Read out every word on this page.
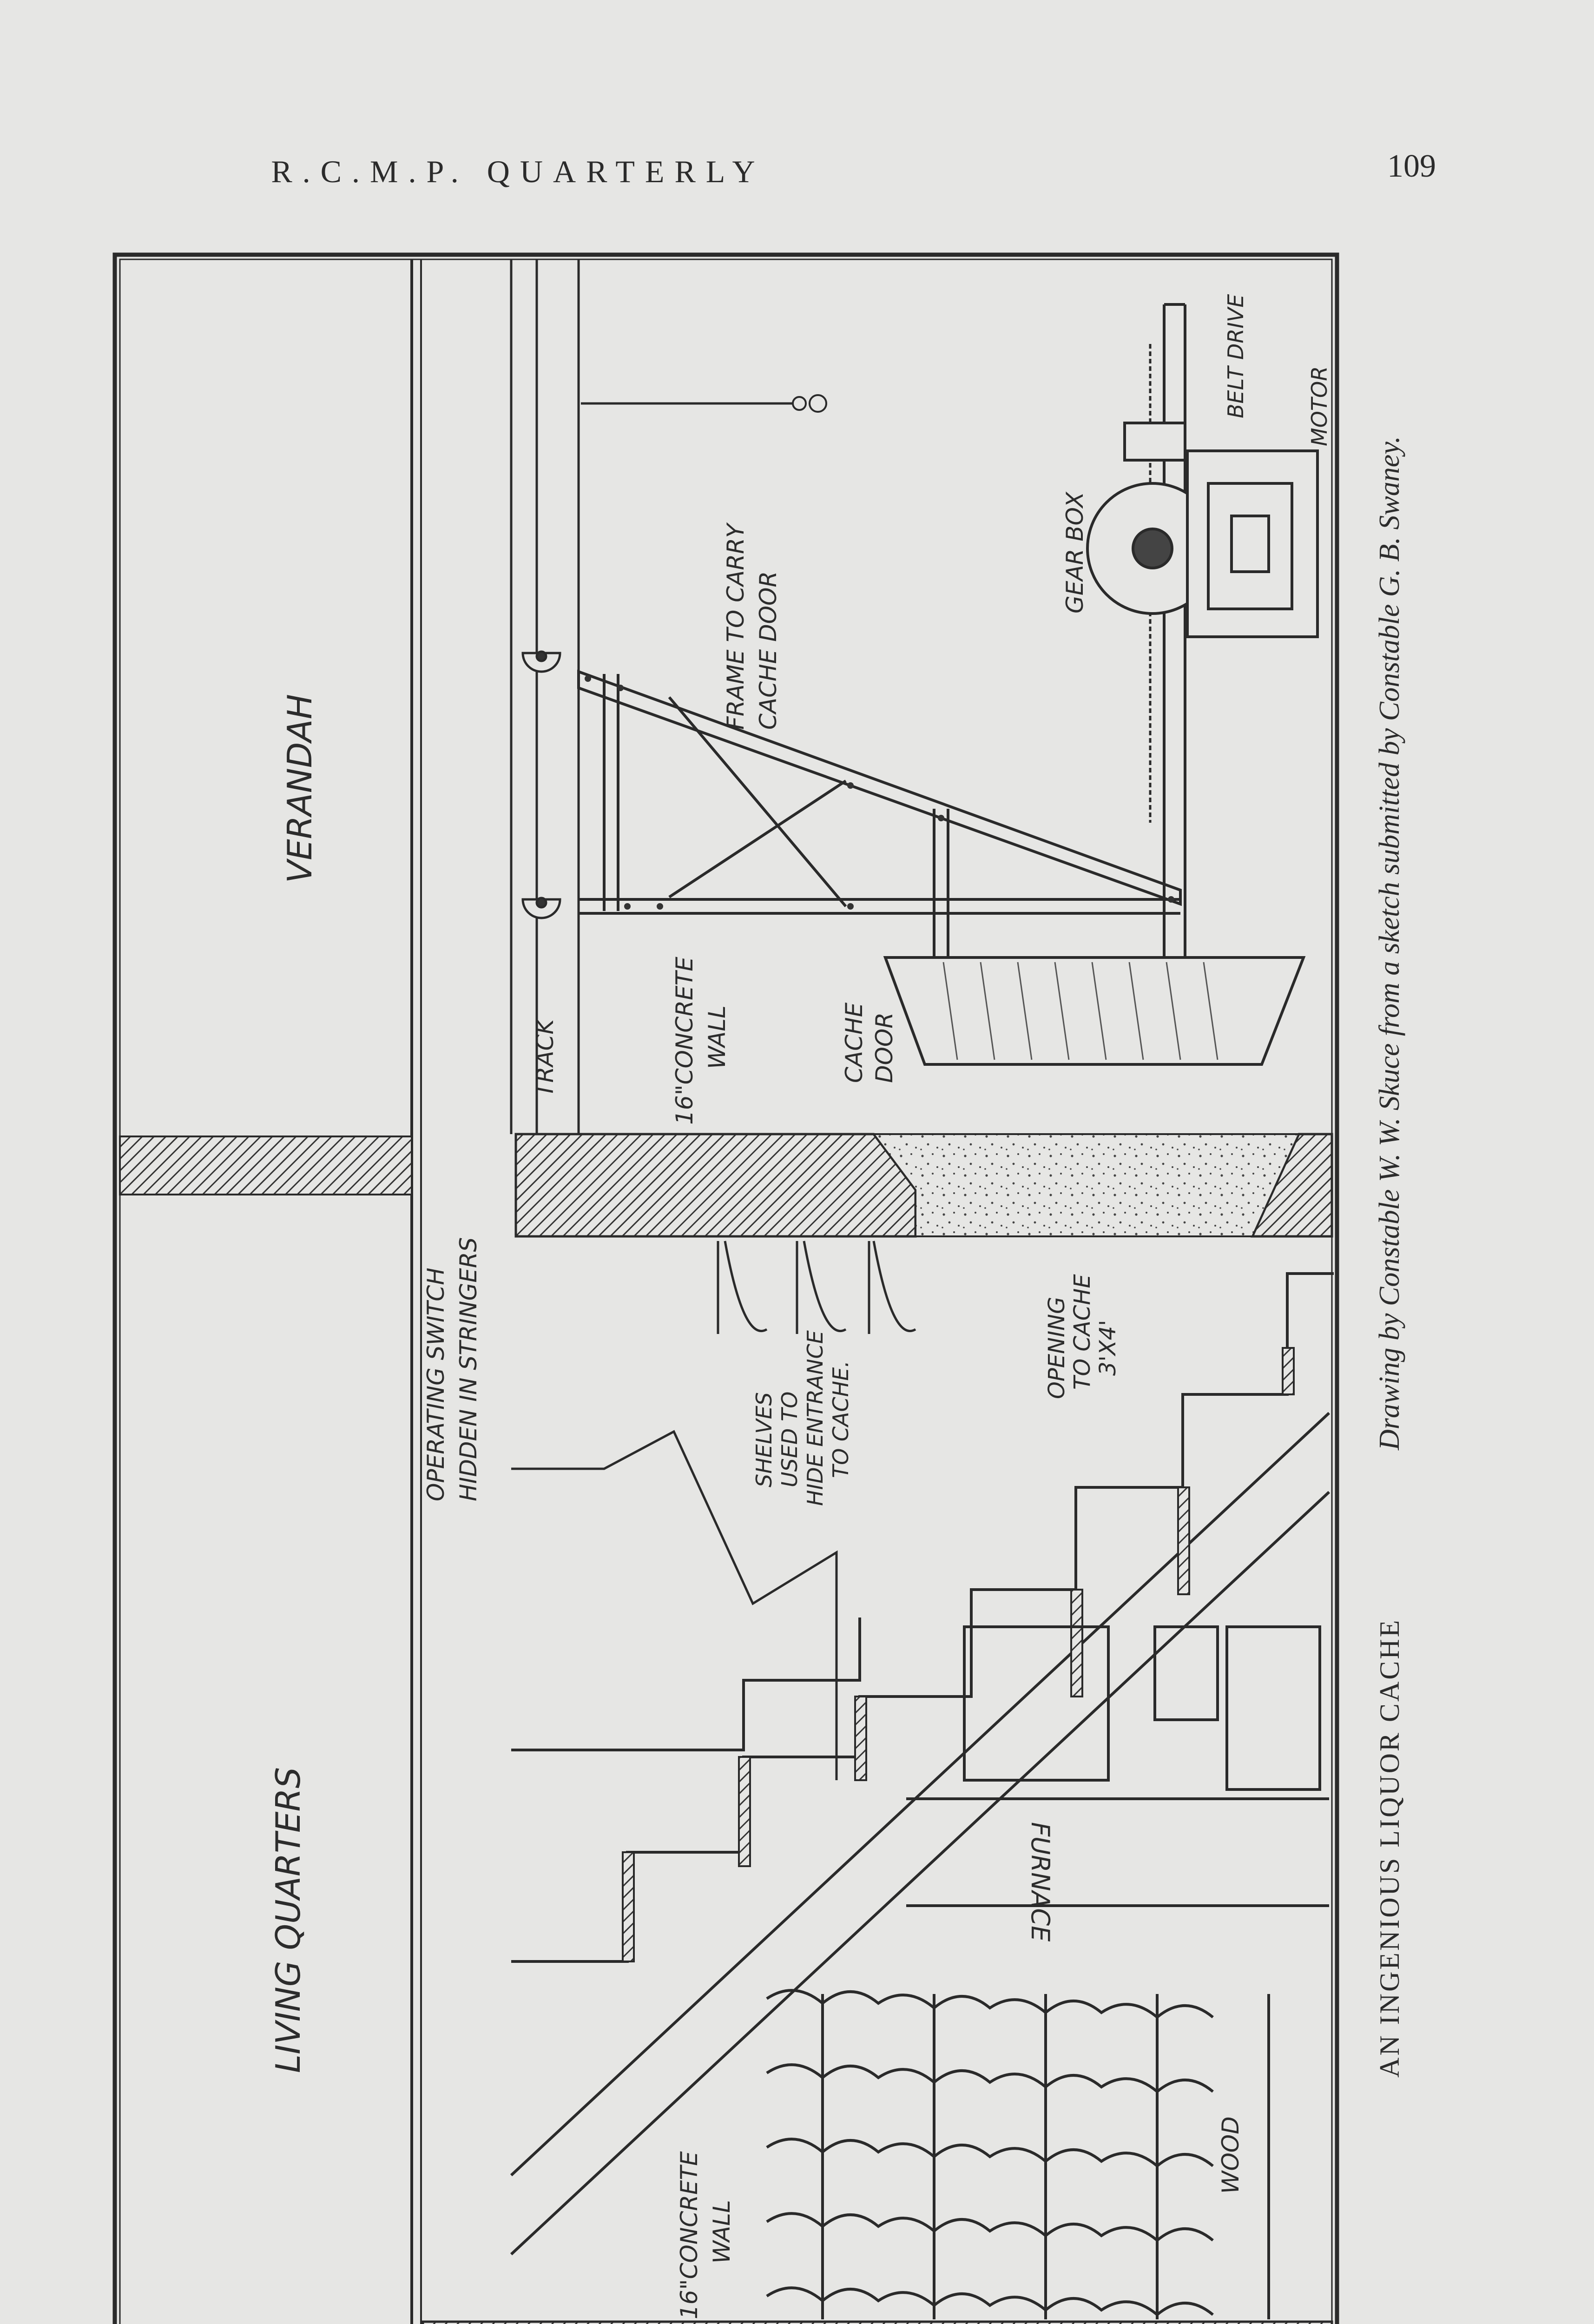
R.C.M.P. QUARTERLY	109
VERANDAH
LIVING QUARTERS
OPERATING SWITCH HIDDEN IN STRINGERS
TRACK	16"CONCRETE WALL	CACHE DOOR
FRAME TO CARRY CACHE DOOR
GEAR BOX
BELT DRIVE	MOTOR
SHELVES USED TO HIDE ENTRANCE TO CACHE.
OPENING TO CACHE 3'X4'
FURNACE
16"CONCRETE WALL
WOOD
AN INGENIOUS LIQUOR CACHE
Drawing by Constable W. W. Skuce from a sketch submitted by Constable G. B. Swaney.
